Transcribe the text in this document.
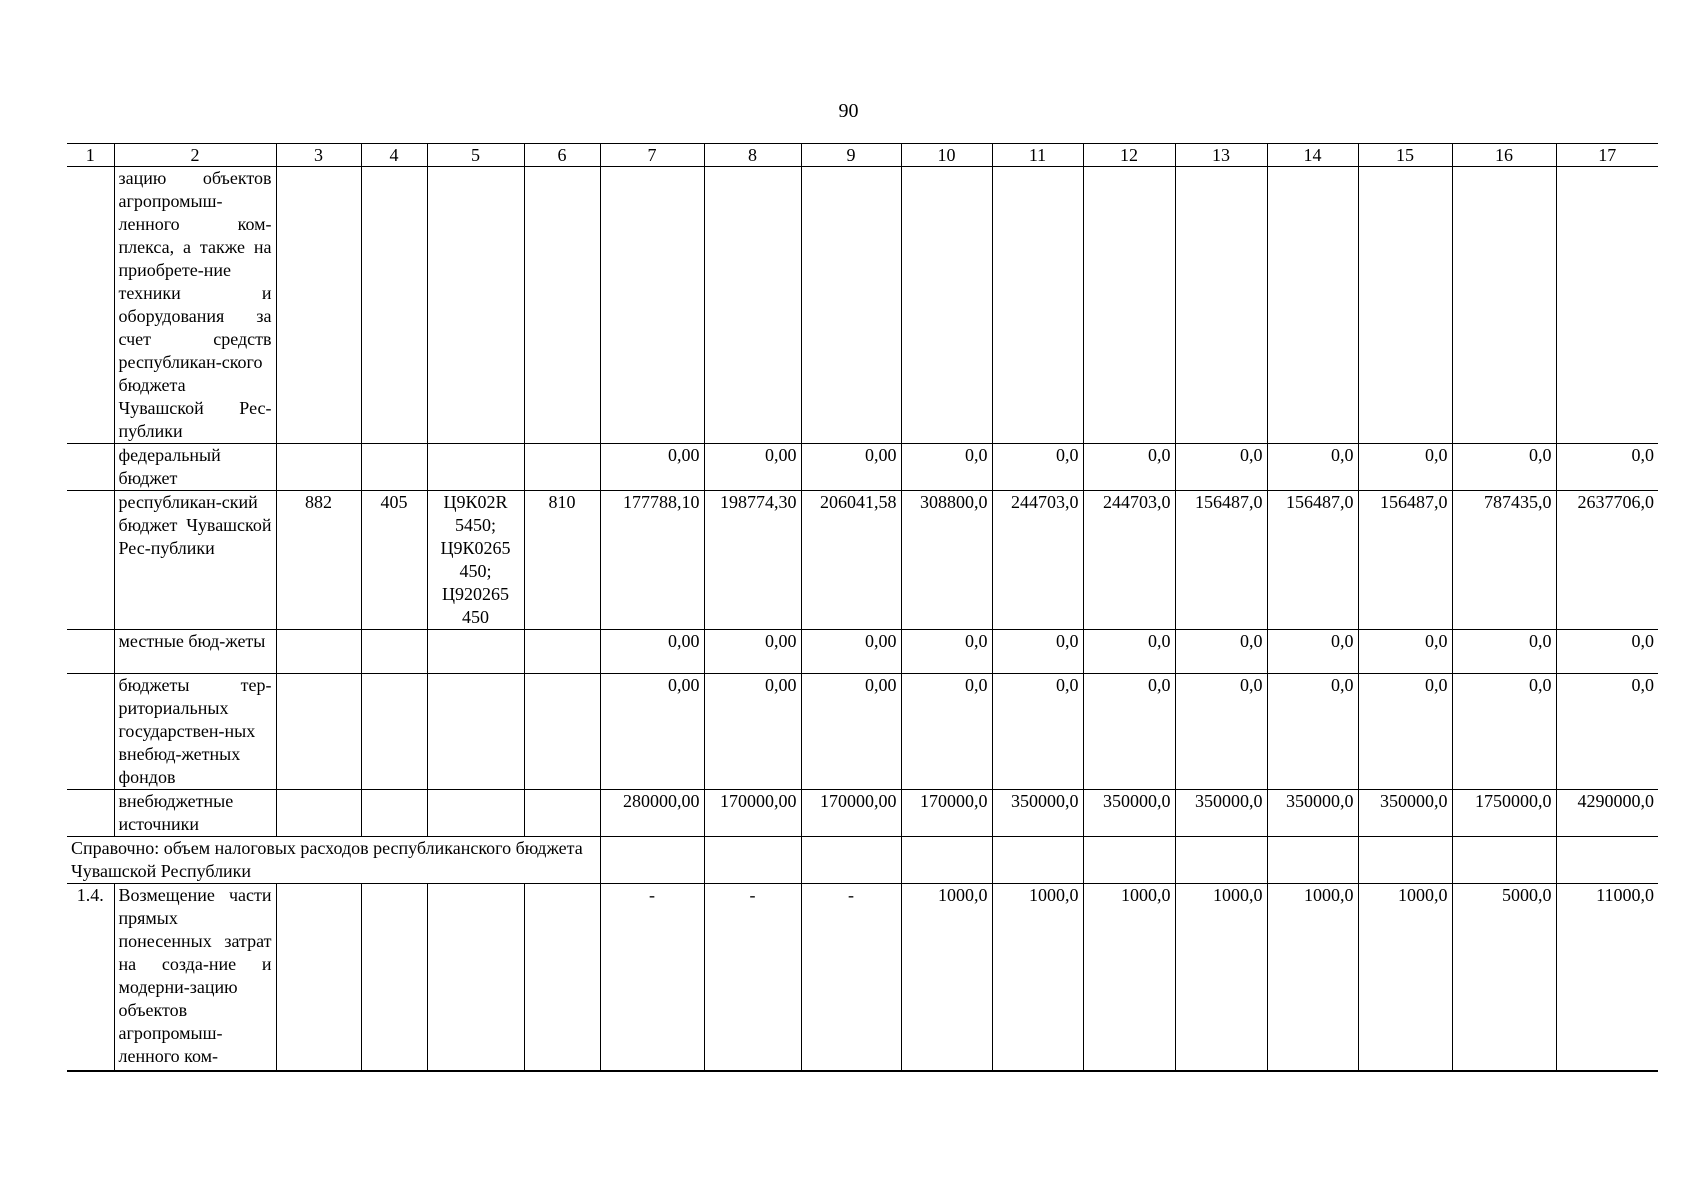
90
1	2	3	4	5	6	7	8	9	10	11	12	13	14	15	16	17
	зацию объектов агропромыш-ленного ком-плекса, а также на приобрете-ние техники и оборудования за счет средств республикан-ского бюджета Чувашской Рес-публики															
	федеральный бюджет					0,00	0,00	0,00	0,0	0,0	0,0	0,0	0,0	0,0	0,0	0,0
	республикан-ский бюджет Чувашской Рес-публики	882	405	Ц9К02R 5450; Ц9К0265 450; Ц920265 450	810	177788,10	198774,30	206041,58	308800,0	244703,0	244703,0	156487,0	156487,0	156487,0	787435,0	2637706,0
	местные бюд-жеты					0,00	0,00	0,00	0,0	0,0	0,0	0,0	0,0	0,0	0,0	0,0
	бюджеты тер-риториальных государствен-ных внебюд-жетных фондов					0,00	0,00	0,00	0,0	0,0	0,0	0,0	0,0	0,0	0,0	0,0
	внебюджетные источники					280000,00	170000,00	170000,00	170000,0	350000,0	350000,0	350000,0	350000,0	350000,0	1750000,0	4290000,0
Справочно: объем налоговых расходов республиканского бюджета Чувашской Республики																
1.4.	Возмещение части прямых понесенных затрат на созда-ние и модерни-зацию объектов агропромыш-ленного ком-					-	-	-	1000,0	1000,0	1000,0	1000,0	1000,0	1000,0	5000,0	11000,0
